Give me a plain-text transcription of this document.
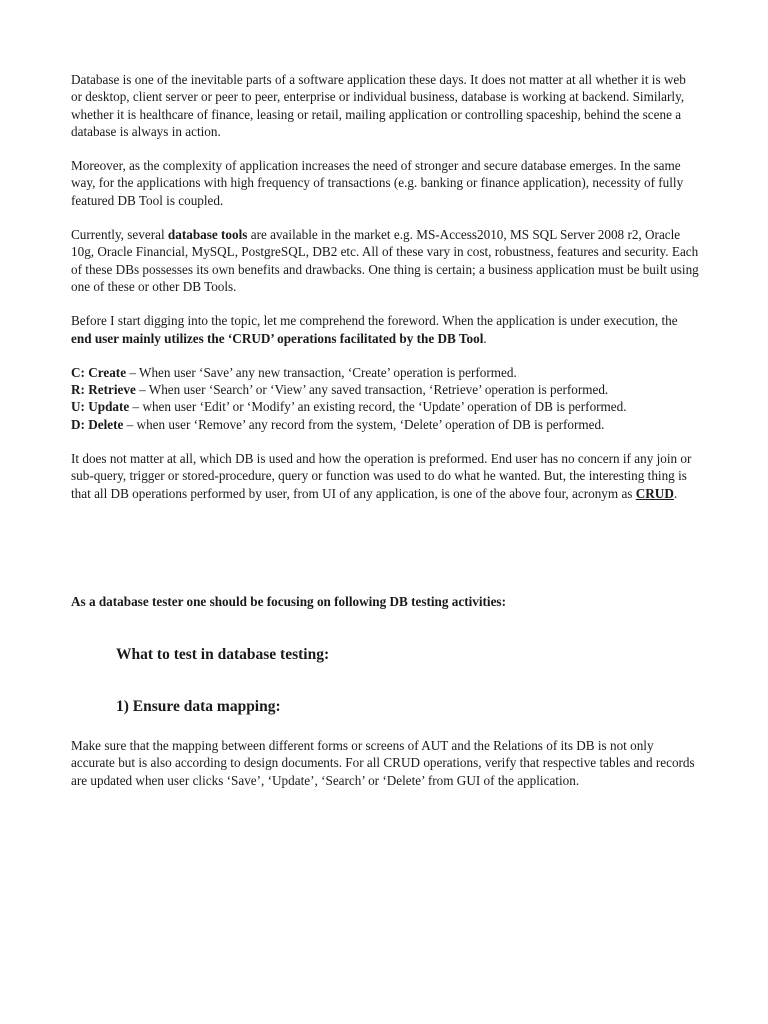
Database is one of the inevitable parts of a software application these days. It does not matter at all whether it is web or desktop, client server or peer to peer, enterprise or individual business, database is working at backend. Similarly, whether it is healthcare of finance, leasing or retail, mailing application or controlling spaceship, behind the scene a database is always in action.

Moreover, as the complexity of application increases the need of stronger and secure database emerges. In the same way, for the applications with high frequency of transactions (e.g. banking or finance application), necessity of fully featured DB Tool is coupled.

Currently, several database tools are available in the market e.g. MS-Access2010, MS SQL Server 2008 r2, Oracle 10g, Oracle Financial, MySQL, PostgreSQL, DB2 etc. All of these vary in cost, robustness, features and security. Each of these DBs possesses its own benefits and drawbacks. One thing is certain; a business application must be built using one of these or other DB Tools.

Before I start digging into the topic, let me comprehend the foreword. When the application is under execution, the end user mainly utilizes the ‘CRUD’ operations facilitated by the DB Tool.

C: Create – When user ‘Save’ any new transaction, ‘Create’ operation is performed.
R: Retrieve – When user ‘Search’ or ‘View’ any saved transaction, ‘Retrieve’ operation is performed.
U: Update – when user ‘Edit’ or ‘Modify’ an existing record, the ‘Update’ operation of DB is performed.
D: Delete – when user ‘Remove’ any record from the system, ‘Delete’ operation of DB is performed.

It does not matter at all, which DB is used and how the operation is preformed. End user has no concern if any join or sub-query, trigger or stored-procedure, query or function was used to do what he wanted. But, the interesting thing is that all DB operations performed by user, from UI of any application, is one of the above four, acronym as CRUD.

As a database tester one should be focusing on following DB testing activities:
What to test in database testing:
1) Ensure data mapping:
Make sure that the mapping between different forms or screens of AUT and the Relations of its DB is not only accurate but is also according to design documents. For all CRUD operations, verify that respective tables and records are updated when user clicks ‘Save’, ‘Update’, ‘Search’ or ‘Delete’ from GUI of the application.
